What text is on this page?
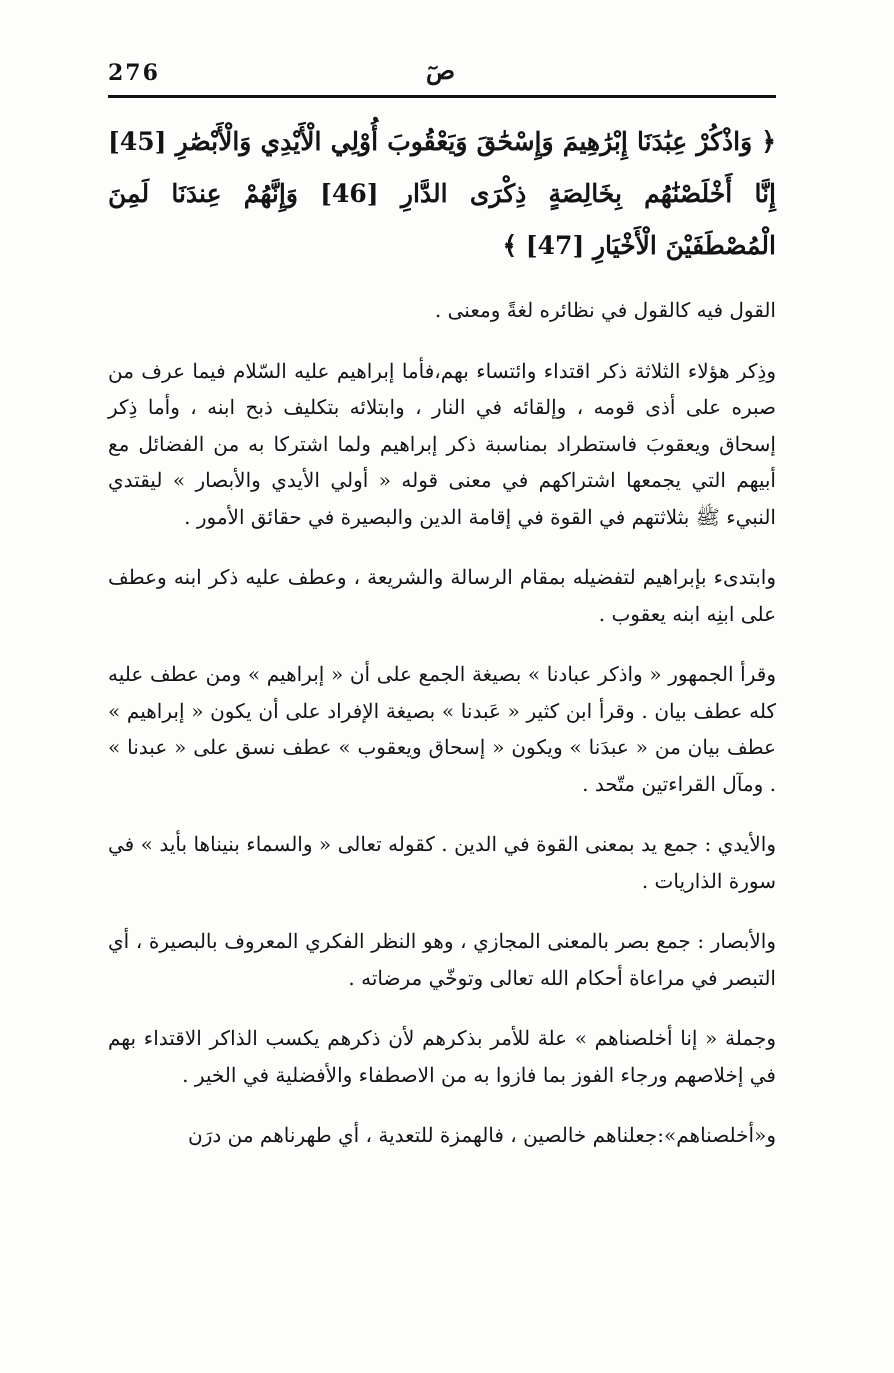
276	صٓ

﴿ وَاذْكُرْ عِبَٰدَنَا إِبْرَٰهِيمَ وَإِسْحَٰقَ وَيَعْقُوبَ أُوْلِي الْأَيْدِي وَالْأَبْصَٰرِ [45] إِنَّا أَخْلَصْنَٰهُم بِخَالِصَةٍ ذِكْرَى الدَّارِ [46] وَإِنَّهُمْ عِندَنَا لَمِنَ الْمُصْطَفَيْنَ الْأَخْيَارِ [47] ﴾

القول فيه كالقول في نظائره لغةً ومعنى .

وذِكر هؤلاء الثلاثة ذكر اقتداء وائتساء بهم،فأما إبراهيم عليه السّلام فيما عرف من صبره على أذى قومه ، وإلقائه في النار ، وابتلائه بتكليف ذبح ابنه ، وأما ذِكر إسحاق ويعقوبَ فاستطراد بمناسبة ذكر إبراهيم ولما اشتركا به من الفضائل مع أبيهم التي يجمعها اشتراكهم في معنى قوله « أولي الأيدي والأبصار » ليقتدي النبيء ﷺ بثلاثتهم في القوة في إقامة الدين والبصيرة في حقائق الأمور .

وابتدىء بإبراهيم لتفضيله بمقام الرسالة والشريعة ، وعطف عليه ذكر ابنه وعطف على ابنِه ابنه يعقوب .

وقرأ الجمهور « واذكر عبادنا » بصيغة الجمع على أن « إبراهيم » ومن عطف عليه كله عطف بيان . وقرأ ابن كثير « عَبدنا » بصيغة الإفراد على أن يكون « إبراهيم » عطف بيان من « عبدَنا » ويكون « إسحاق ويعقوب » عطف نسق على « عبدنا » . ومآل القراءتين متّحد .

والأيدي : جمع يد بمعنى القوة في الدين . كقوله تعالى « والسماء بنيناها بأيد » في سورة الذاريات .

والأبصار : جمع بصر بالمعنى المجازي ، وهو النظر الفكري المعروف بالبصيرة ، أي التبصر في مراعاة أحكام الله تعالى وتوخّي مرضاته .

وجملة « إنا أخلصناهم » علة للأمر بذكرهم لأن ذكرهم يكسب الذاكر الاقتداء بهم في إخلاصهم ورجاء الفوز بما فازوا به من الاصطفاء والأفضلية في الخير .

و«أخلصناهم»:جعلناهم خالصين ، فالهمزة للتعدية ، أي طهرناهم من درَن
